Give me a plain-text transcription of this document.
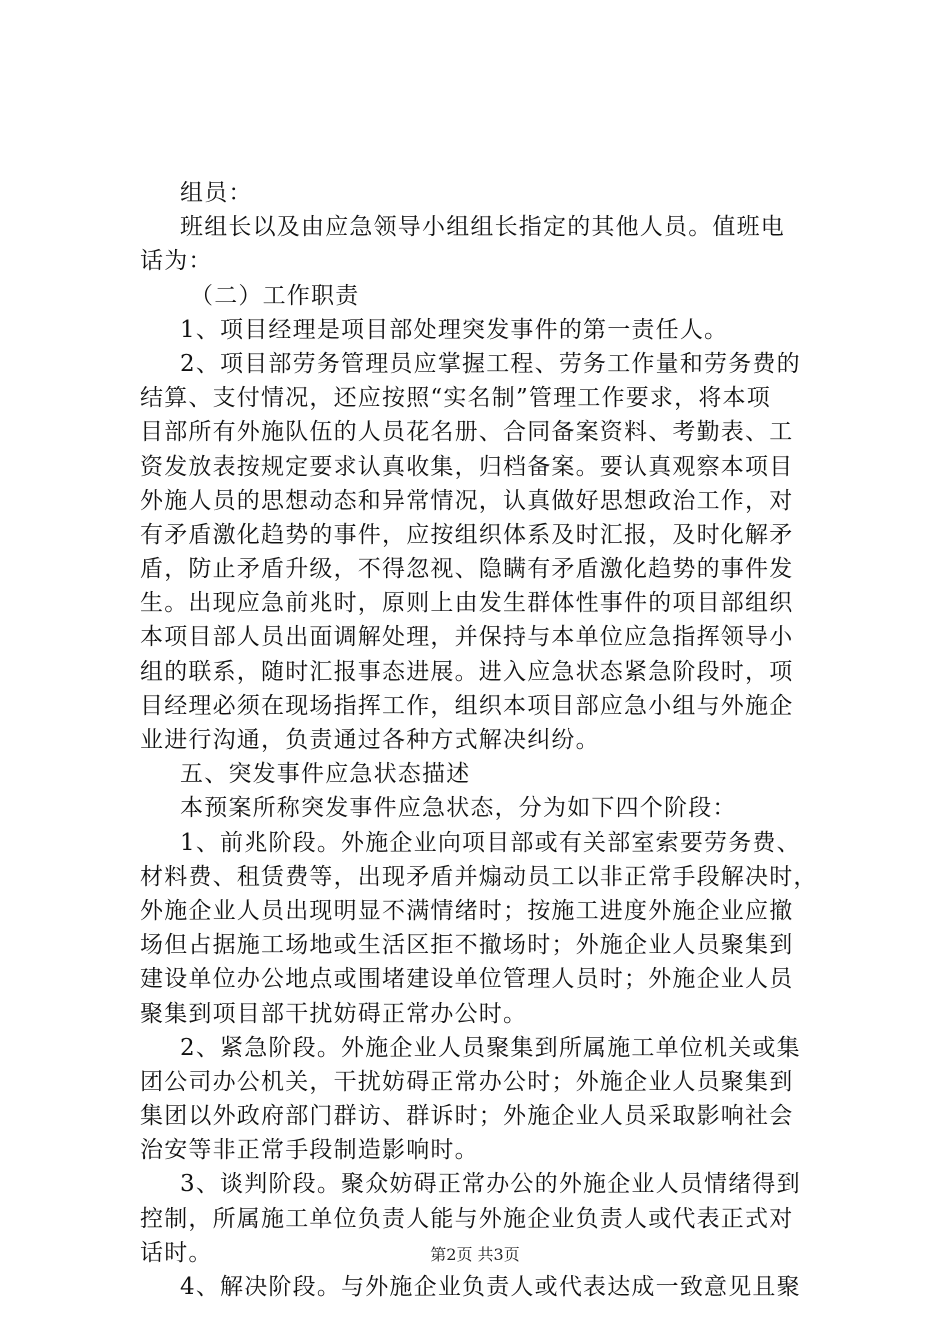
组员：
班组长以及由应急领导小组组长指定的其他人员。值班电
话为：
（二）工作职责
1、项目经理是项目部处理突发事件的第一责任人。
2、项目部劳务管理员应掌握工程、劳务工作量和劳务费的
结算、支付情况，还应按照“实名制”管理工作要求，将本项
目部所有外施队伍的人员花名册、合同备案资料、考勤表、工
资发放表按规定要求认真收集，归档备案。要认真观察本项目
外施人员的思想动态和异常情况，认真做好思想政治工作，对
有矛盾激化趋势的事件，应按组织体系及时汇报，及时化解矛
盾，防止矛盾升级，不得忽视、隐瞒有矛盾激化趋势的事件发
生。出现应急前兆时，原则上由发生群体性事件的项目部组织
本项目部人员出面调解处理，并保持与本单位应急指挥领导小
组的联系，随时汇报事态进展。进入应急状态紧急阶段时，项
目经理必须在现场指挥工作，组织本项目部应急小组与外施企
业进行沟通，负责通过各种方式解决纠纷。
五、突发事件应急状态描述
本预案所称突发事件应急状态，分为如下四个阶段：
1、前兆阶段。外施企业向项目部或有关部室索要劳务费、
材料费、租赁费等，出现矛盾并煽动员工以非正常手段解决时，
外施企业人员出现明显不满情绪时；按施工进度外施企业应撤
场但占据施工场地或生活区拒不撤场时；外施企业人员聚集到
建设单位办公地点或围堵建设单位管理人员时；外施企业人员
聚集到项目部干扰妨碍正常办公时。
2、紧急阶段。外施企业人员聚集到所属施工单位机关或集
团公司办公机关，干扰妨碍正常办公时；外施企业人员聚集到
集团以外政府部门群访、群诉时；外施企业人员采取影响社会
治安等非正常手段制造影响时。
3、谈判阶段。聚众妨碍正常办公的外施企业人员情绪得到
控制，所属施工单位负责人能与外施企业负责人或代表正式对
话时。
4、解决阶段。与外施企业负责人或代表达成一致意见且聚
第2页 共3页
